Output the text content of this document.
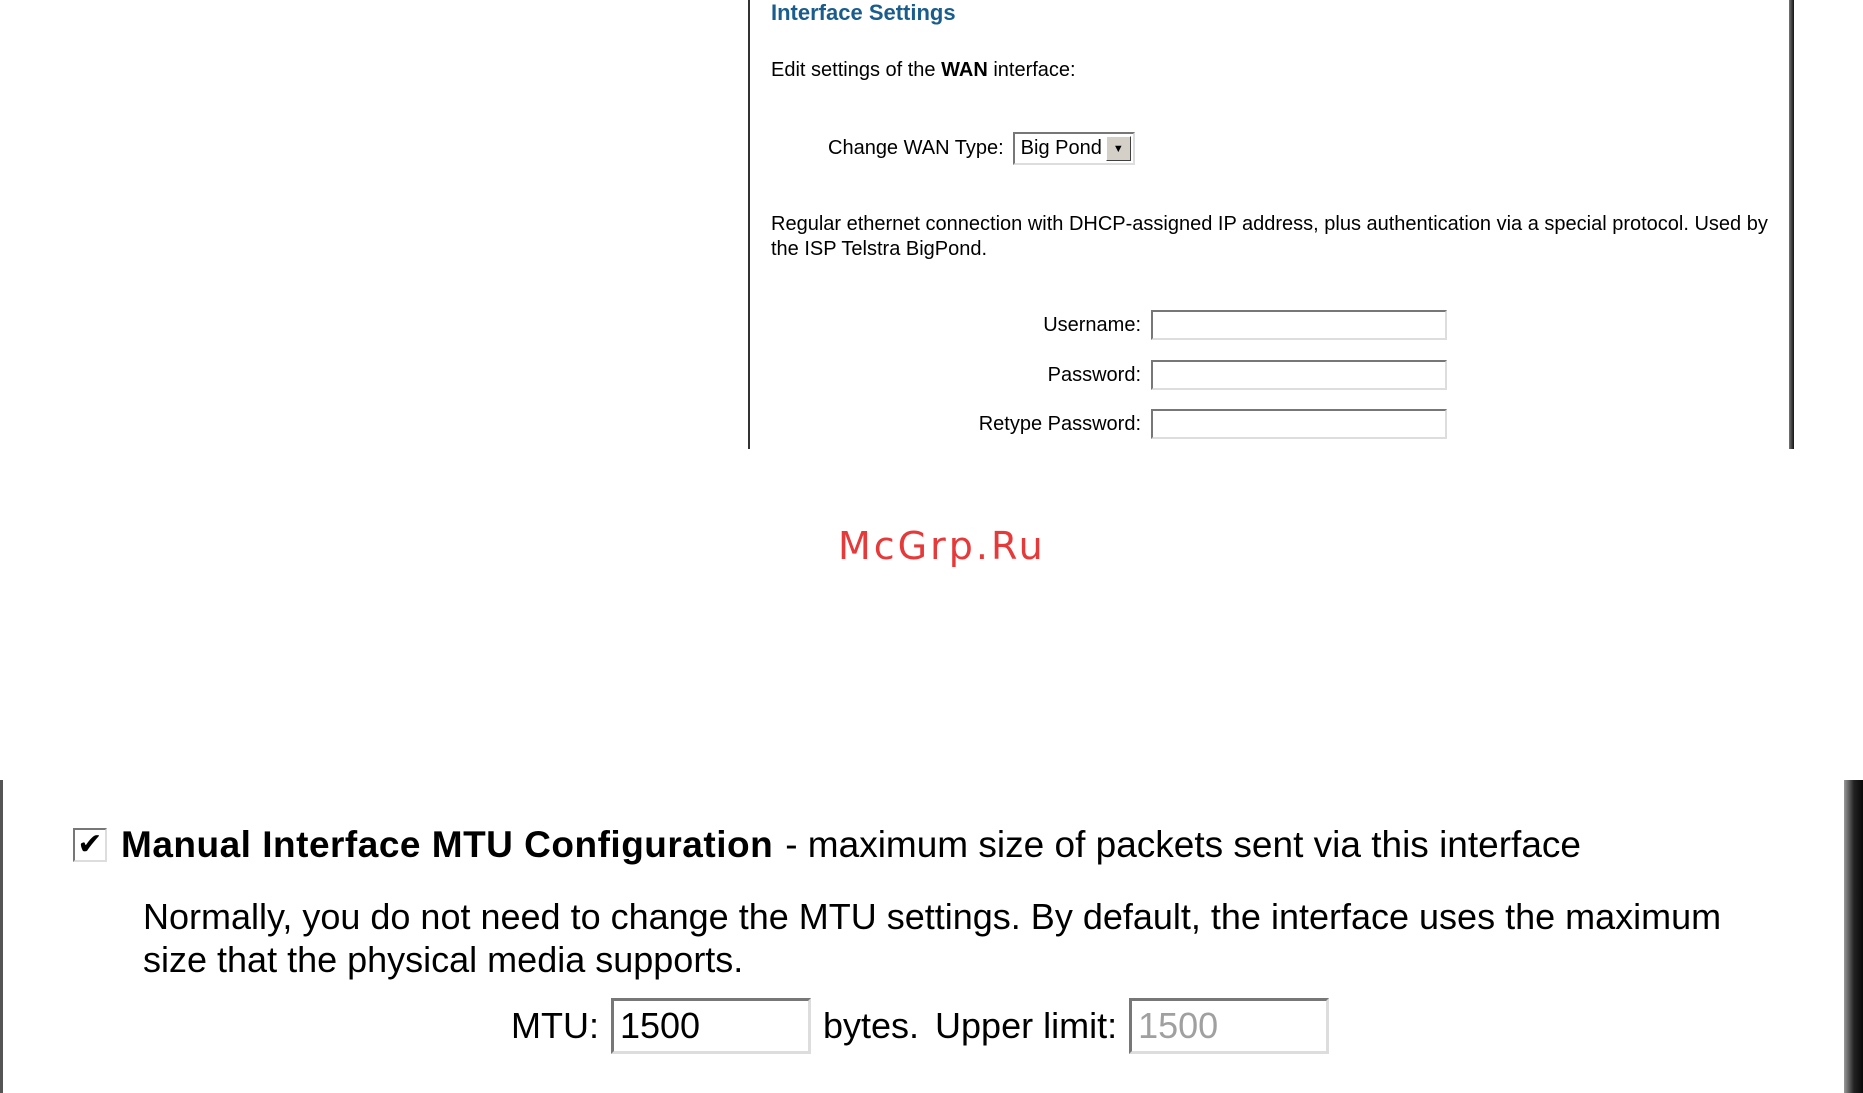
Interface Settings
Edit settings of the WAN interface:
Change WAN Type: Big Pond	▼
Regular ethernet connection with DHCP-assigned IP address, plus authentication via a special protocol. Used by the ISP Telstra BigPond.
Username:
Password:
Retype Password:
McGrp.Ru
✔ Manual Interface MTU Configuration - maximum size of packets sent via this interface
Normally, you do not need to change the MTU settings. By default, the interface uses the maximum size that the physical media supports.
MTU:
1500	bytes. Upper limit:
1500
